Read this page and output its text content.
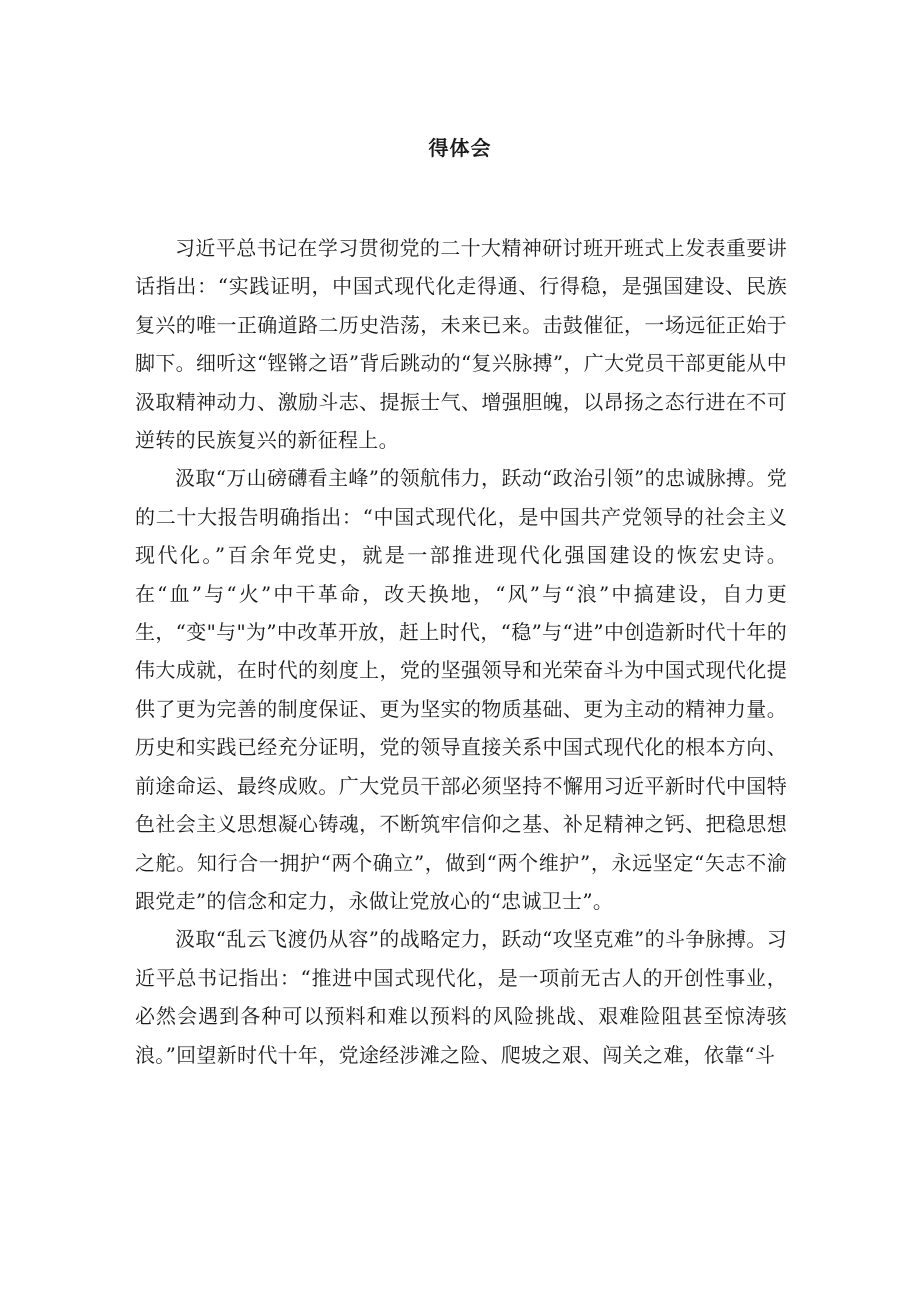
得体会

习近平总书记在学习贯彻党的二十大精神研讨班开班式上发表重要讲话指出：“实践证明，中国式现代化走得通、行得稳，是强国建设、民族复兴的唯一正确道路二历史浩荡，未来已来。击鼓催征，一场远征正始于脚下。细听这“铿锵之语”背后跳动的“复兴脉搏”，广大党员干部更能从中汲取精神动力、激励斗志、提振士气、增强胆魄，以昂扬之态行进在不可逆转的民族复兴的新征程上。

汲取“万山磅礴看主峰”的领航伟力，跃动“政治引领”的忠诚脉搏。党的二十大报告明确指出：“中国式现代化，是中国共产党领导的社会主义现代化。”百余年党史，就是一部推进现代化强国建设的恢宏史诗。在“血”与“火”中干革命，改天换地，“风”与“浪”中搞建设，自力更生，“变"与"为”中改革开放，赶上时代，“稳”与“进”中创造新时代十年的伟大成就，在时代的刻度上，党的坚强领导和光荣奋斗为中国式现代化提供了更为完善的制度保证、更为坚实的物质基础、更为主动的精神力量。历史和实践已经充分证明，党的领导直接关系中国式现代化的根本方向、前途命运、最终成败。广大党员干部必须坚持不懈用习近平新时代中国特色社会主义思想凝心铸魂，不断筑牢信仰之基、补足精神之钙、把稳思想之舵。知行合一拥护“两个确立”，做到“两个维护”，永远坚定“矢志不渝跟党走”的信念和定力，永做让党放心的“忠诚卫士”。

汲取“乱云飞渡仍从容”的战略定力，跃动“攻坚克难”的斗争脉搏。习近平总书记指出：“推进中国式现代化，是一项前无古人的开创性事业，必然会遇到各种可以预料和难以预料的风险挑战、艰难险阻甚至惊涛骇浪。”回望新时代十年，党途经涉滩之险、爬坡之艰、闯关之难，依靠“斗
